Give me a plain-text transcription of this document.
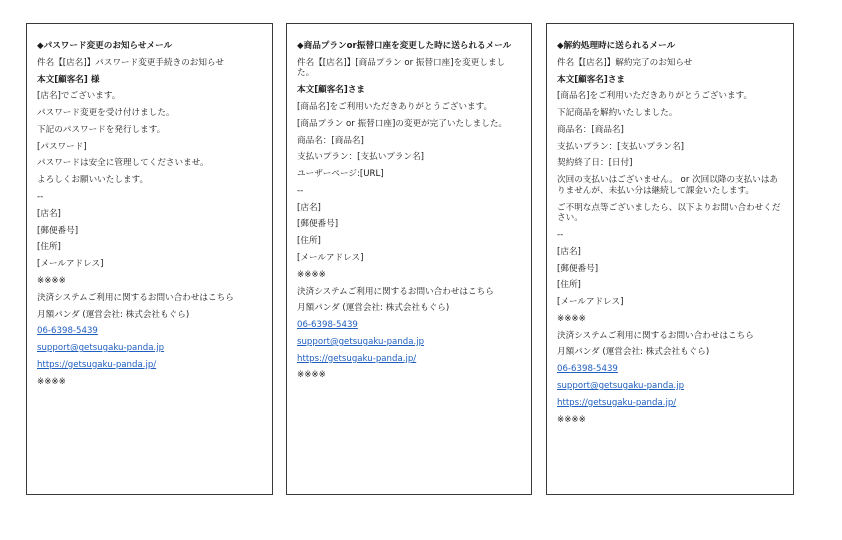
◆パスワード変更のお知らせメール
件名【[店名]】パスワード変更手続きのお知らせ
本文[顧客名] 様
[店名]でございます。
パスワード変更を受け付けました。
下記のパスワードを発行します。
[パスワード]
パスワードは安全に管理してくださいませ。
よろしくお願いいたします。
--
[店名]
[郵便番号]
[住所]
[メールアドレス]
※※※※
決済システムご利用に関するお問い合わせはこちら
月額パンダ (運営会社: 株式会社もぐら)
06-6398-5439
support@getsugaku-panda.jp
https://getsugaku-panda.jp/
※※※※
◆商品プランor振替口座を変更した時に送られるメール
件名【[店名]】[商品プラン or 振替口座]を変更しました。
本文[顧客名]さま
[商品名]をご利用いただきありがとうございます。
[商品プラン or 振替口座]の変更が完了いたしました。
商品名：[商品名]
支払いプラン：[支払いプラン名]
ユーザーページ:[URL]
--
[店名]
[郵便番号]
[住所]
[メールアドレス]
※※※※
決済システムご利用に関するお問い合わせはこちら
月額パンダ (運営会社: 株式会社もぐら)
06-6398-5439
support@getsugaku-panda.jp
https://getsugaku-panda.jp/
※※※※
◆解約処理時に送られるメール
件名【[店名]】解約完了のお知らせ
本文[顧客名]さま
[商品名]をご利用いただきありがとうございます。
下記商品を解約いたしました。
商品名：[商品名]
支払いプラン：[支払いプラン名]
契約終了日：[日付]
次回の支払いはございません。 or 次回以降の支払いはありませんが、未払い分は継続して課金いたします。
ご不明な点等ございましたら、以下よりお問い合わせください。
--
[店名]
[郵便番号]
[住所]
[メールアドレス]
※※※※
決済システムご利用に関するお問い合わせはこちら
月額パンダ (運営会社: 株式会社もぐら)
06-6398-5439
support@getsugaku-panda.jp
https://getsugaku-panda.jp/
※※※※
